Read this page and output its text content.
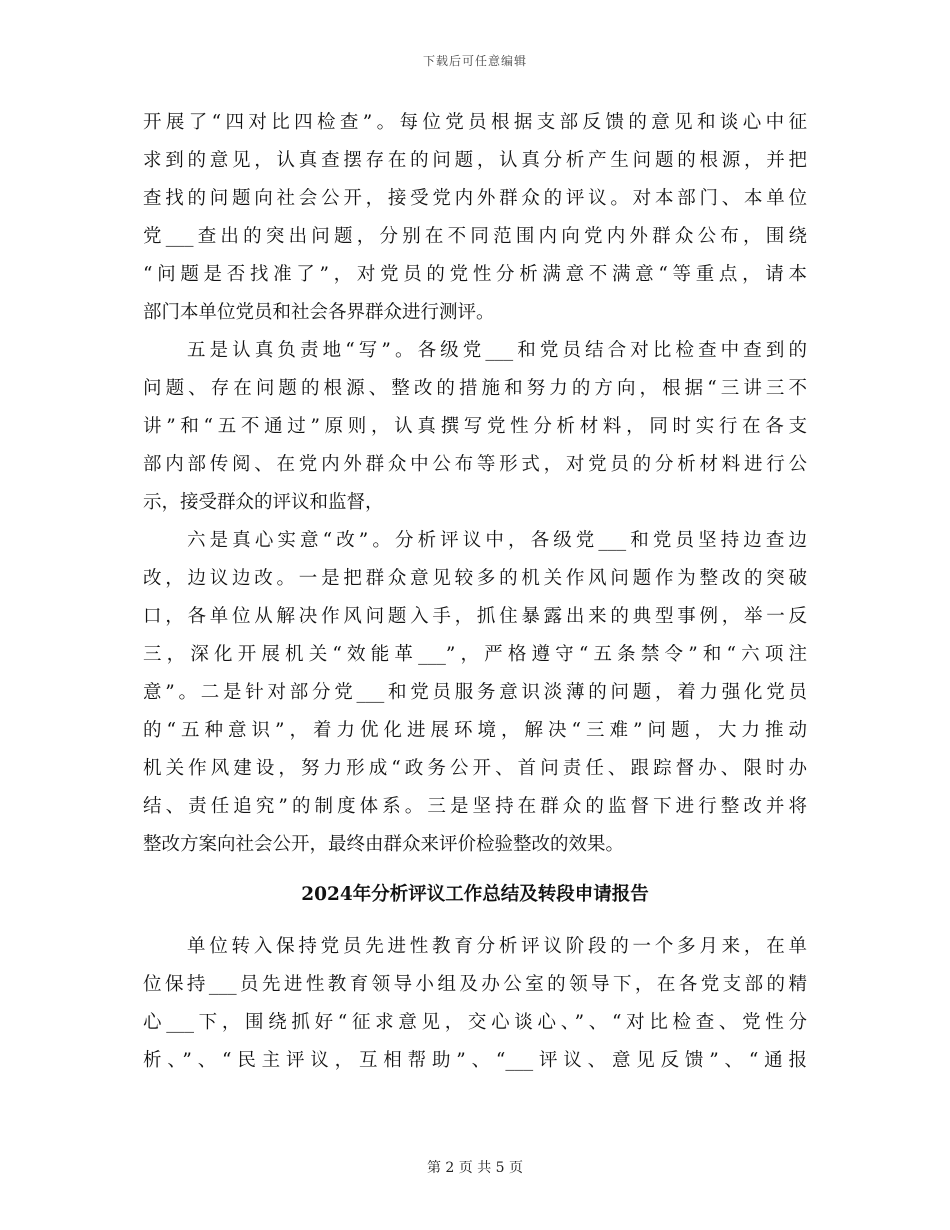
下载后可任意编辑
开展了“四对比四检查”。每位党员根据支部反馈的意见和谈心中征
求到的意见，认真查摆存在的问题，认真分析产生问题的根源，并把
查找的问题向社会公开，接受党内外群众的评议。对本部门、本单位
党___查出的突出问题，分别在不同范围内向党内外群众公布，围绕
“问题是否找准了”，对党员的党性分析满意不满意“等重点，请本
部门本单位党员和社会各界群众进行测评。
五是认真负责地“写”。各级党___和党员结合对比检查中查到的
问题、存在问题的根源、整改的措施和努力的方向，根据“三讲三不
讲”和“五不通过”原则，认真撰写党性分析材料，同时实行在各支
部内部传阅、在党内外群众中公布等形式，对党员的分析材料进行公
示，接受群众的评议和监督，
六是真心实意“改”。分析评议中，各级党___和党员坚持边查边
改，边议边改。一是把群众意见较多的机关作风问题作为整改的突破
口，各单位从解决作风问题入手，抓住暴露出来的典型事例，举一反
三，深化开展机关“效能革___”，严格遵守“五条禁令”和“六项注
意”。二是针对部分党___和党员服务意识淡薄的问题，着力强化党员
的“五种意识”，着力优化进展环境，解决“三难”问题，大力推动
机关作风建设，努力形成“政务公开、首问责任、跟踪督办、限时办
结、责任追究”的制度体系。三是坚持在群众的监督下进行整改并将
整改方案向社会公开，最终由群众来评价检验整改的效果。
2024年分析评议工作总结及转段申请报告
单位转入保持党员先进性教育分析评议阶段的一个多月来，在单
位保持___员先进性教育领导小组及办公室的领导下，在各党支部的精
心___下，围绕抓好“征求意见，交心谈心、”、“对比检查、党性分
析、”、“民主评议，互相帮助”、“___评议、意见反馈”、“通报
第 2 页 共 5 页
